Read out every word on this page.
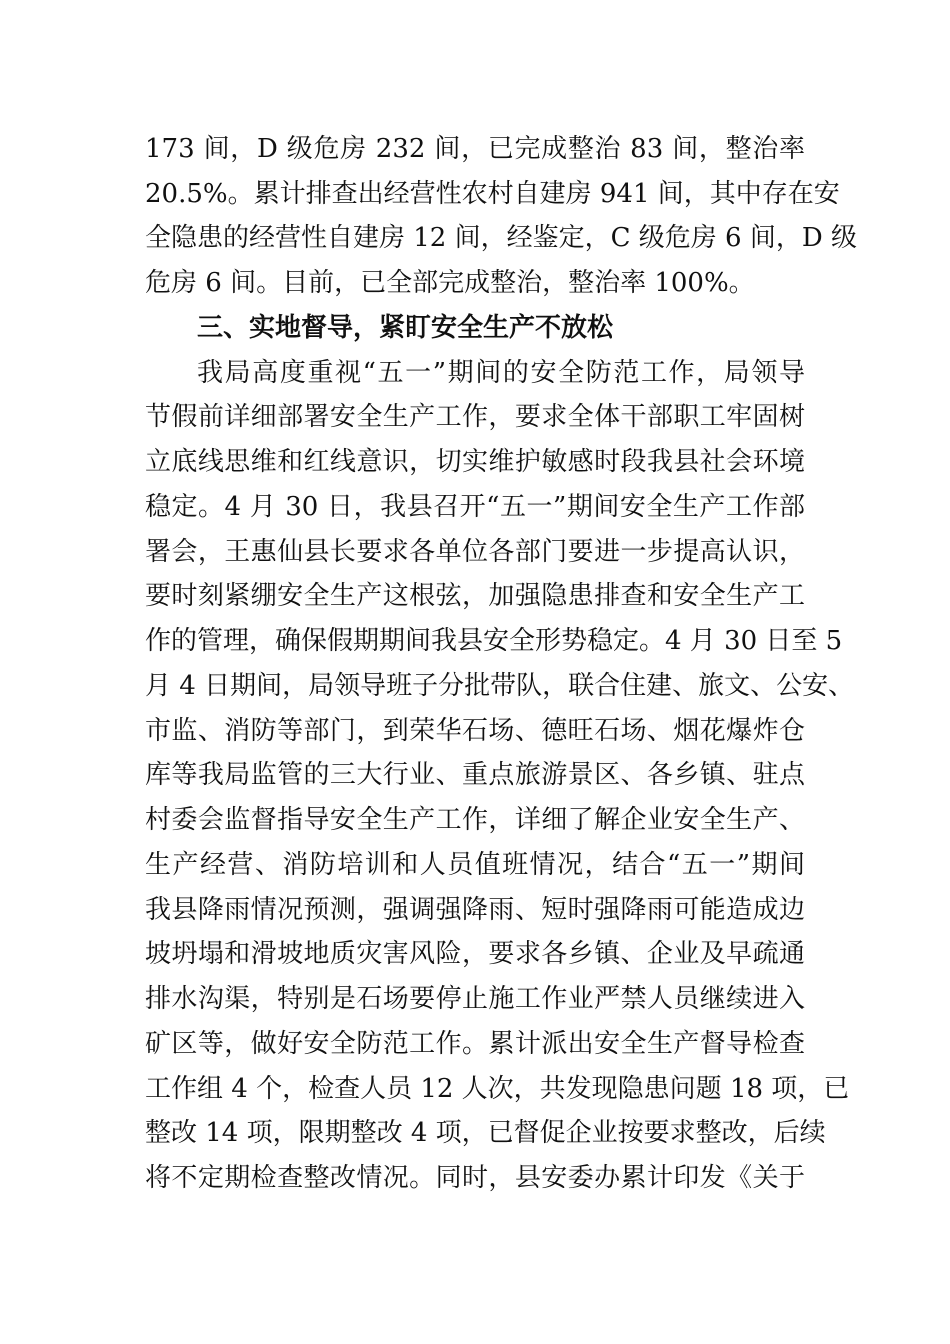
173 间，D 级危房 232 间，已完成整治 83 间，整治率
20.5%。累计排查出经营性农村自建房 941 间，其中存在安
全隐患的经营性自建房 12 间，经鉴定，C 级危房 6 间，D 级
危房 6 间。目前，已全部完成整治，整治率 100%。
三、实地督导，紧盯安全生产不放松
我局高度重视“五一”期间的安全防范工作，局领导
节假前详细部署安全生产工作，要求全体干部职工牢固树
立底线思维和红线意识，切实维护敏感时段我县社会环境
稳定。4 月 30 日，我县召开“五一”期间安全生产工作部
署会，王惠仙县长要求各单位各部门要进一步提高认识，
要时刻紧绷安全生产这根弦，加强隐患排查和安全生产工
作的管理，确保假期期间我县安全形势稳定。4 月 30 日至 5
月 4 日期间，局领导班子分批带队，联合住建、旅文、公安、
市监、消防等部门，到荣华石场、德旺石场、烟花爆炸仓
库等我局监管的三大行业、重点旅游景区、各乡镇、驻点
村委会监督指导安全生产工作，详细了解企业安全生产、
生产经营、消防培训和人员值班情况，结合“五一”期间
我县降雨情况预测，强调强降雨、短时强降雨可能造成边
坡坍塌和滑坡地质灾害风险，要求各乡镇、企业及早疏通
排水沟渠，特别是石场要停止施工作业严禁人员继续进入
矿区等，做好安全防范工作。累计派出安全生产督导检查
工作组 4 个，检查人员 12 人次，共发现隐患问题 18 项，已
整改 14 项，限期整改 4 项，已督促企业按要求整改，后续
将不定期检查整改情况。同时，县安委办累计印发《关于
